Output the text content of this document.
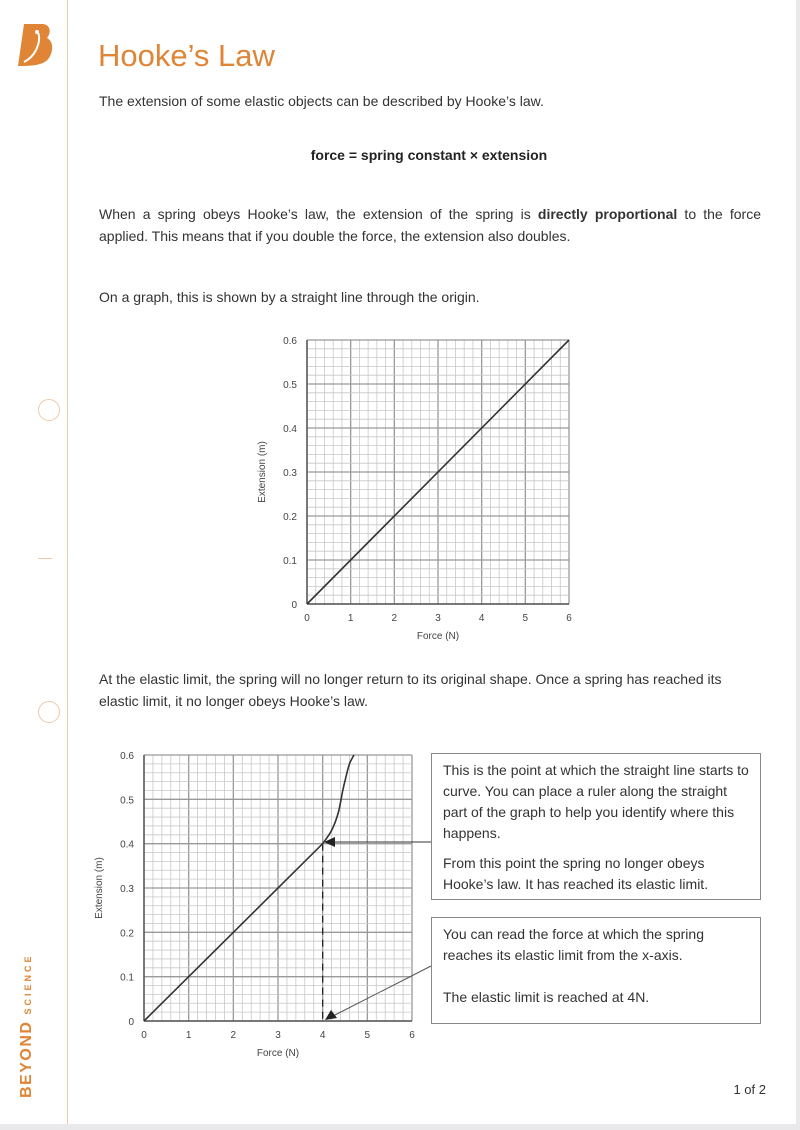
BEYONDSCIENCE
Hooke’s Law
The extension of some elastic objects can be described by Hooke’s law.
force = spring constant × extension
When a spring obeys Hooke’s law, the extension of the spring is directly proportional to the force applied. This means that if you double the force, the extension also doubles.
On a graph, this is shown by a straight line through the origin.
0	1	2	3	4	5	6
0
0.1
0.2
0.3
0.4
0.5
0.6
Force (N)
Extension (m)
At the elastic limit, the spring will no longer return to its original shape. Once a spring has reached its elastic limit, it no longer obeys Hooke’s law.
0	1	2	3	4	5	6
0
0.1
0.2
0.3
0.4
0.5
0.6
Force (N)
Extension (m)
This is the point at which the straight line starts to curve. You can place a ruler along the straight part of the graph to help you identify where this happens.
From this point the spring no longer obeys Hooke’s law. It has reached its elastic limit.
You can read the force at which the spring reaches its elastic limit from the x-axis.
The elastic limit is reached at 4N.
1 of 2
